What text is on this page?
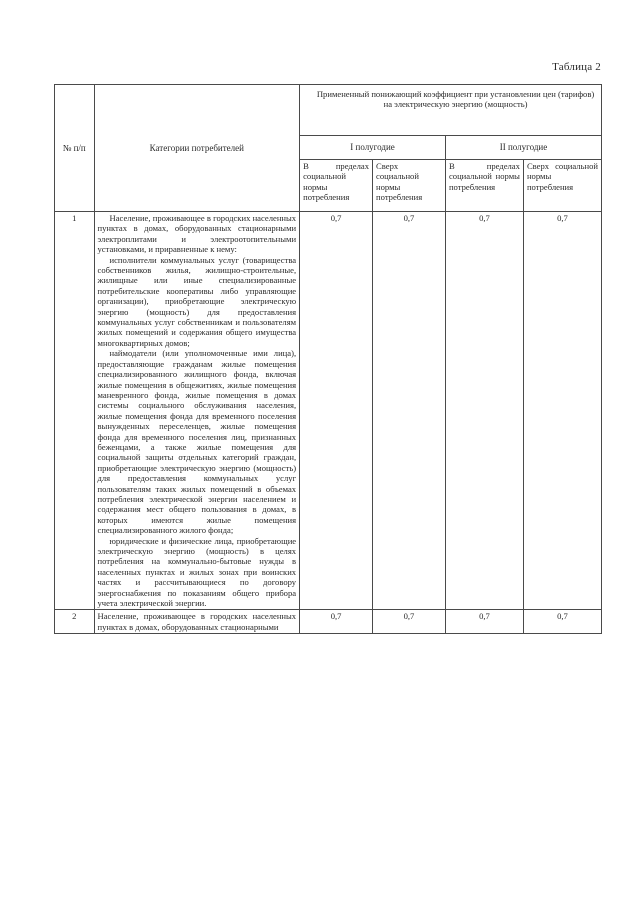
Таблица 2
№ п/п	Категории потребителей	Примененный понижающий коэффициент при установлении цен (тарифов) на электрическую энергию (мощность)			
		I полугодие		II полугодие	
		В пределах социальной нормы потребления	Сверх социальной нормы потребления	В пределах социальной нормы потребления	Сверх социальной нормы потребления
1	Население, проживающее в городских населенных пунктах в домах, оборудованных стационарными электроплитами и электроотопительными установками, и приравненные к нему:

исполнители коммунальных услуг (товарищества собственников жилья, жилищно-строительные, жилищные или иные специализированные потребительские кооперативы либо управляющие организации), приобретающие электрическую энергию (мощность) для предоставления коммунальных услуг собственникам и пользователям жилых помещений и содержания общего имущества многоквартирных домов;

наймодатели (или уполномоченные ими лица), предоставляющие гражданам жилые помещения специализированного жилищного фонда, включая жилые помещения в общежитиях, жилые помещения маневренного фонда, жилые помещения в домах системы социального обслуживания населения, жилые помещения фонда для временного поселения вынужденных переселенцев, жилые помещения фонда для временного поселения лиц, признанных беженцами, а также жилые помещения для социальной защиты отдельных категорий граждан, приобретающие электрическую энергию (мощность) для предоставления коммунальных услуг пользователям таких жилых помещений в объемах потребления электрической энергии населением и содержания мест общего пользования в домах, в которых имеются жилые помещения специализированного жилого фонда;

юридические и физические лица, приобретающие электрическую энергию (мощность) в целях потребления на коммунально-бытовые нужды в населенных пунктах и жилых зонах при воинских частях и рассчитывающиеся по договору энергоснабжения по показаниям общего прибора учета электрической энергии.	0,7	0,7	0,7	0,7
2	Население, проживающее в городских населенных пунктах в домах, оборудованных стационарными	0,7	0,7	0,7	0,7
